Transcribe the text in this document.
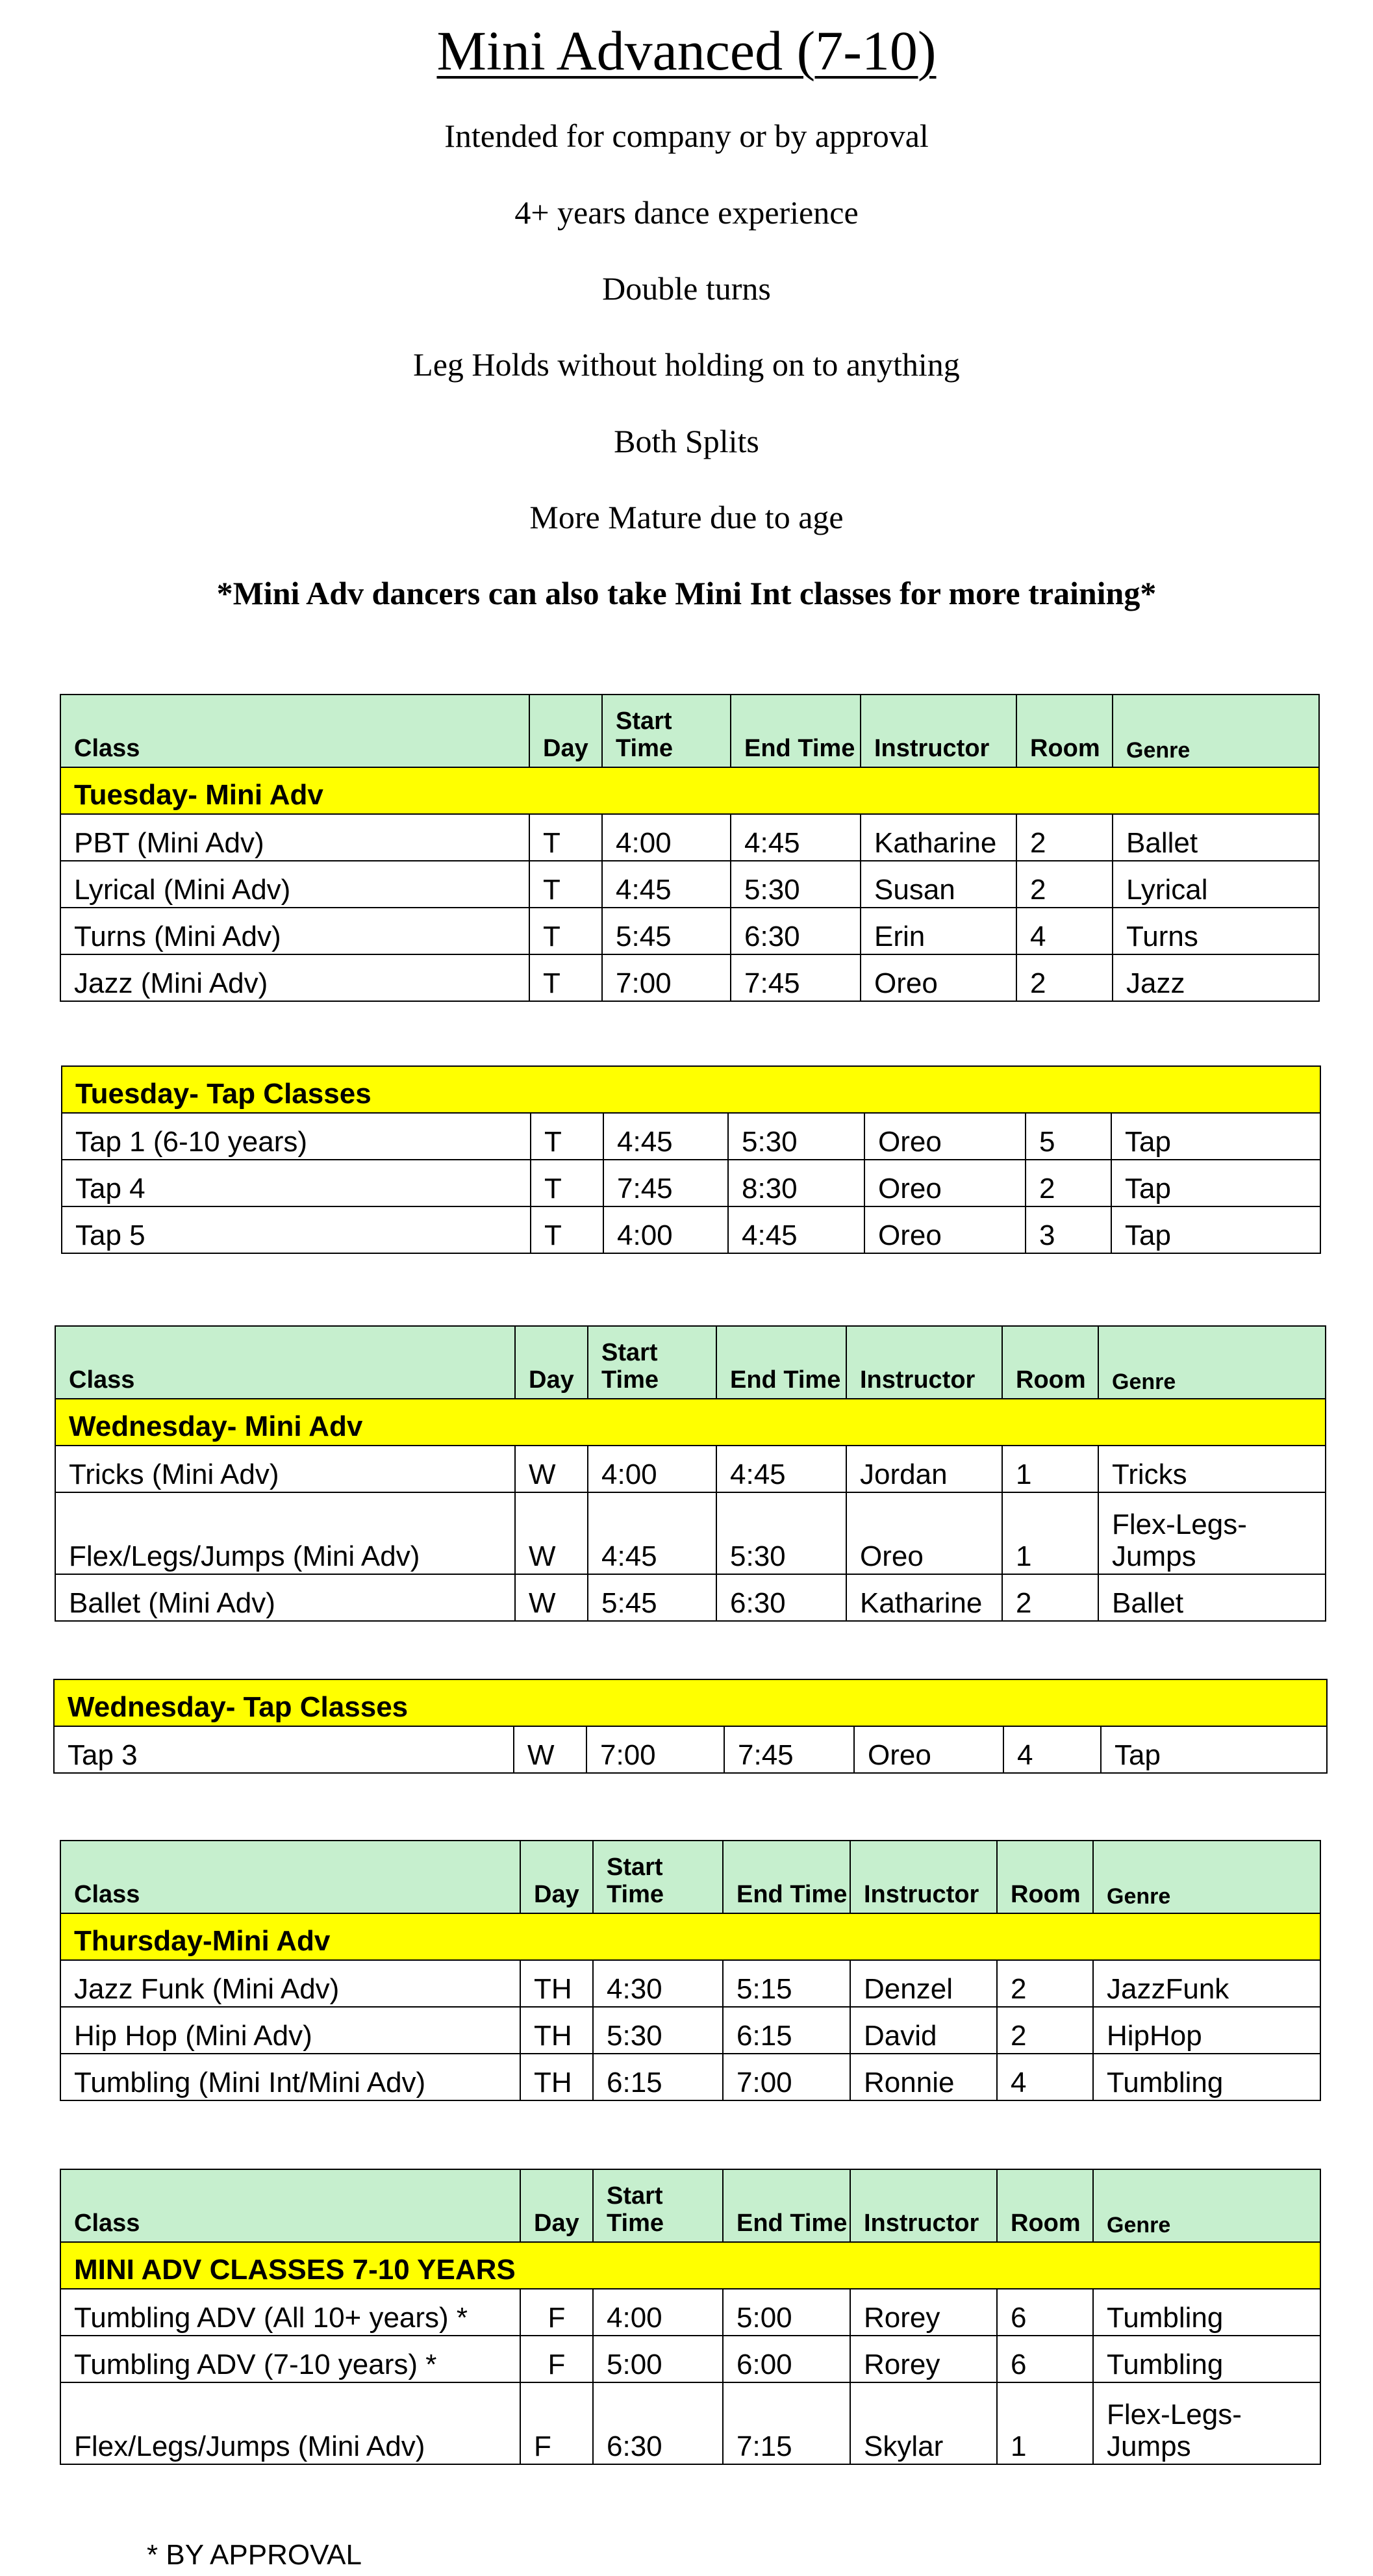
Mini Advanced (7-10)

Intended for company or by approval

4+ years dance experience

Double turns

Leg Holds without holding on to anything

Both Splits

More Mature due to age

*Mini Adv dancers can also take Mini Int classes for more training*

Class	Day	Start Time	End Time	Instructor	Room	Genre
Tuesday- Mini Adv						
PBT (Mini Adv)	T	4:00	4:45	Katharine	2	Ballet
Lyrical (Mini Adv)	T	4:45	5:30	Susan	2	Lyrical
Turns (Mini Adv)	T	5:45	6:30	Erin	4	Turns
Jazz (Mini Adv)	T	7:00	7:45	Oreo	2	Jazz
Tuesday- Tap Classes						
Tap 1 (6-10 years)	T	4:45	5:30	Oreo	5	Tap
Tap 4	T	7:45	8:30	Oreo	2	Tap
Tap 5	T	4:00	4:45	Oreo	3	Tap
Class	Day	Start Time	End Time	Instructor	Room	Genre
Wednesday- Mini Adv						
Tricks (Mini Adv)	W	4:00	4:45	Jordan	1	Tricks
Flex/Legs/Jumps (Mini Adv)	W	4:45	5:30	Oreo	1	Flex-Legs-Jumps
Ballet (Mini Adv)	W	5:45	6:30	Katharine	2	Ballet
Wednesday- Tap Classes
Tap 3	W	7:00	7:45	Oreo	4	Tap
Class	Day	Start Time	End Time	Instructor	Room	Genre
Thursday-Mini Adv						
Jazz Funk (Mini Adv)	TH	4:30	5:15	Denzel	2	JazzFunk
Hip Hop (Mini Adv)	TH	5:30	6:15	David	2	HipHop
Tumbling (Mini Int/Mini Adv)	TH	6:15	7:00	Ronnie	4	Tumbling
Class	Day	Start Time	End Time	Instructor	Room	Genre
MINI ADV CLASSES 7-10 YEARS						
Tumbling ADV (All 10+ years) *	F	4:00	5:00	Rorey	6	Tumbling
Tumbling ADV (7-10 years) *	F	5:00	6:00	Rorey	6	Tumbling
Flex/Legs/Jumps (Mini Adv)	F	6:30	7:15	Skylar	1	Flex-Legs-Jumps

* BY APPROVAL
